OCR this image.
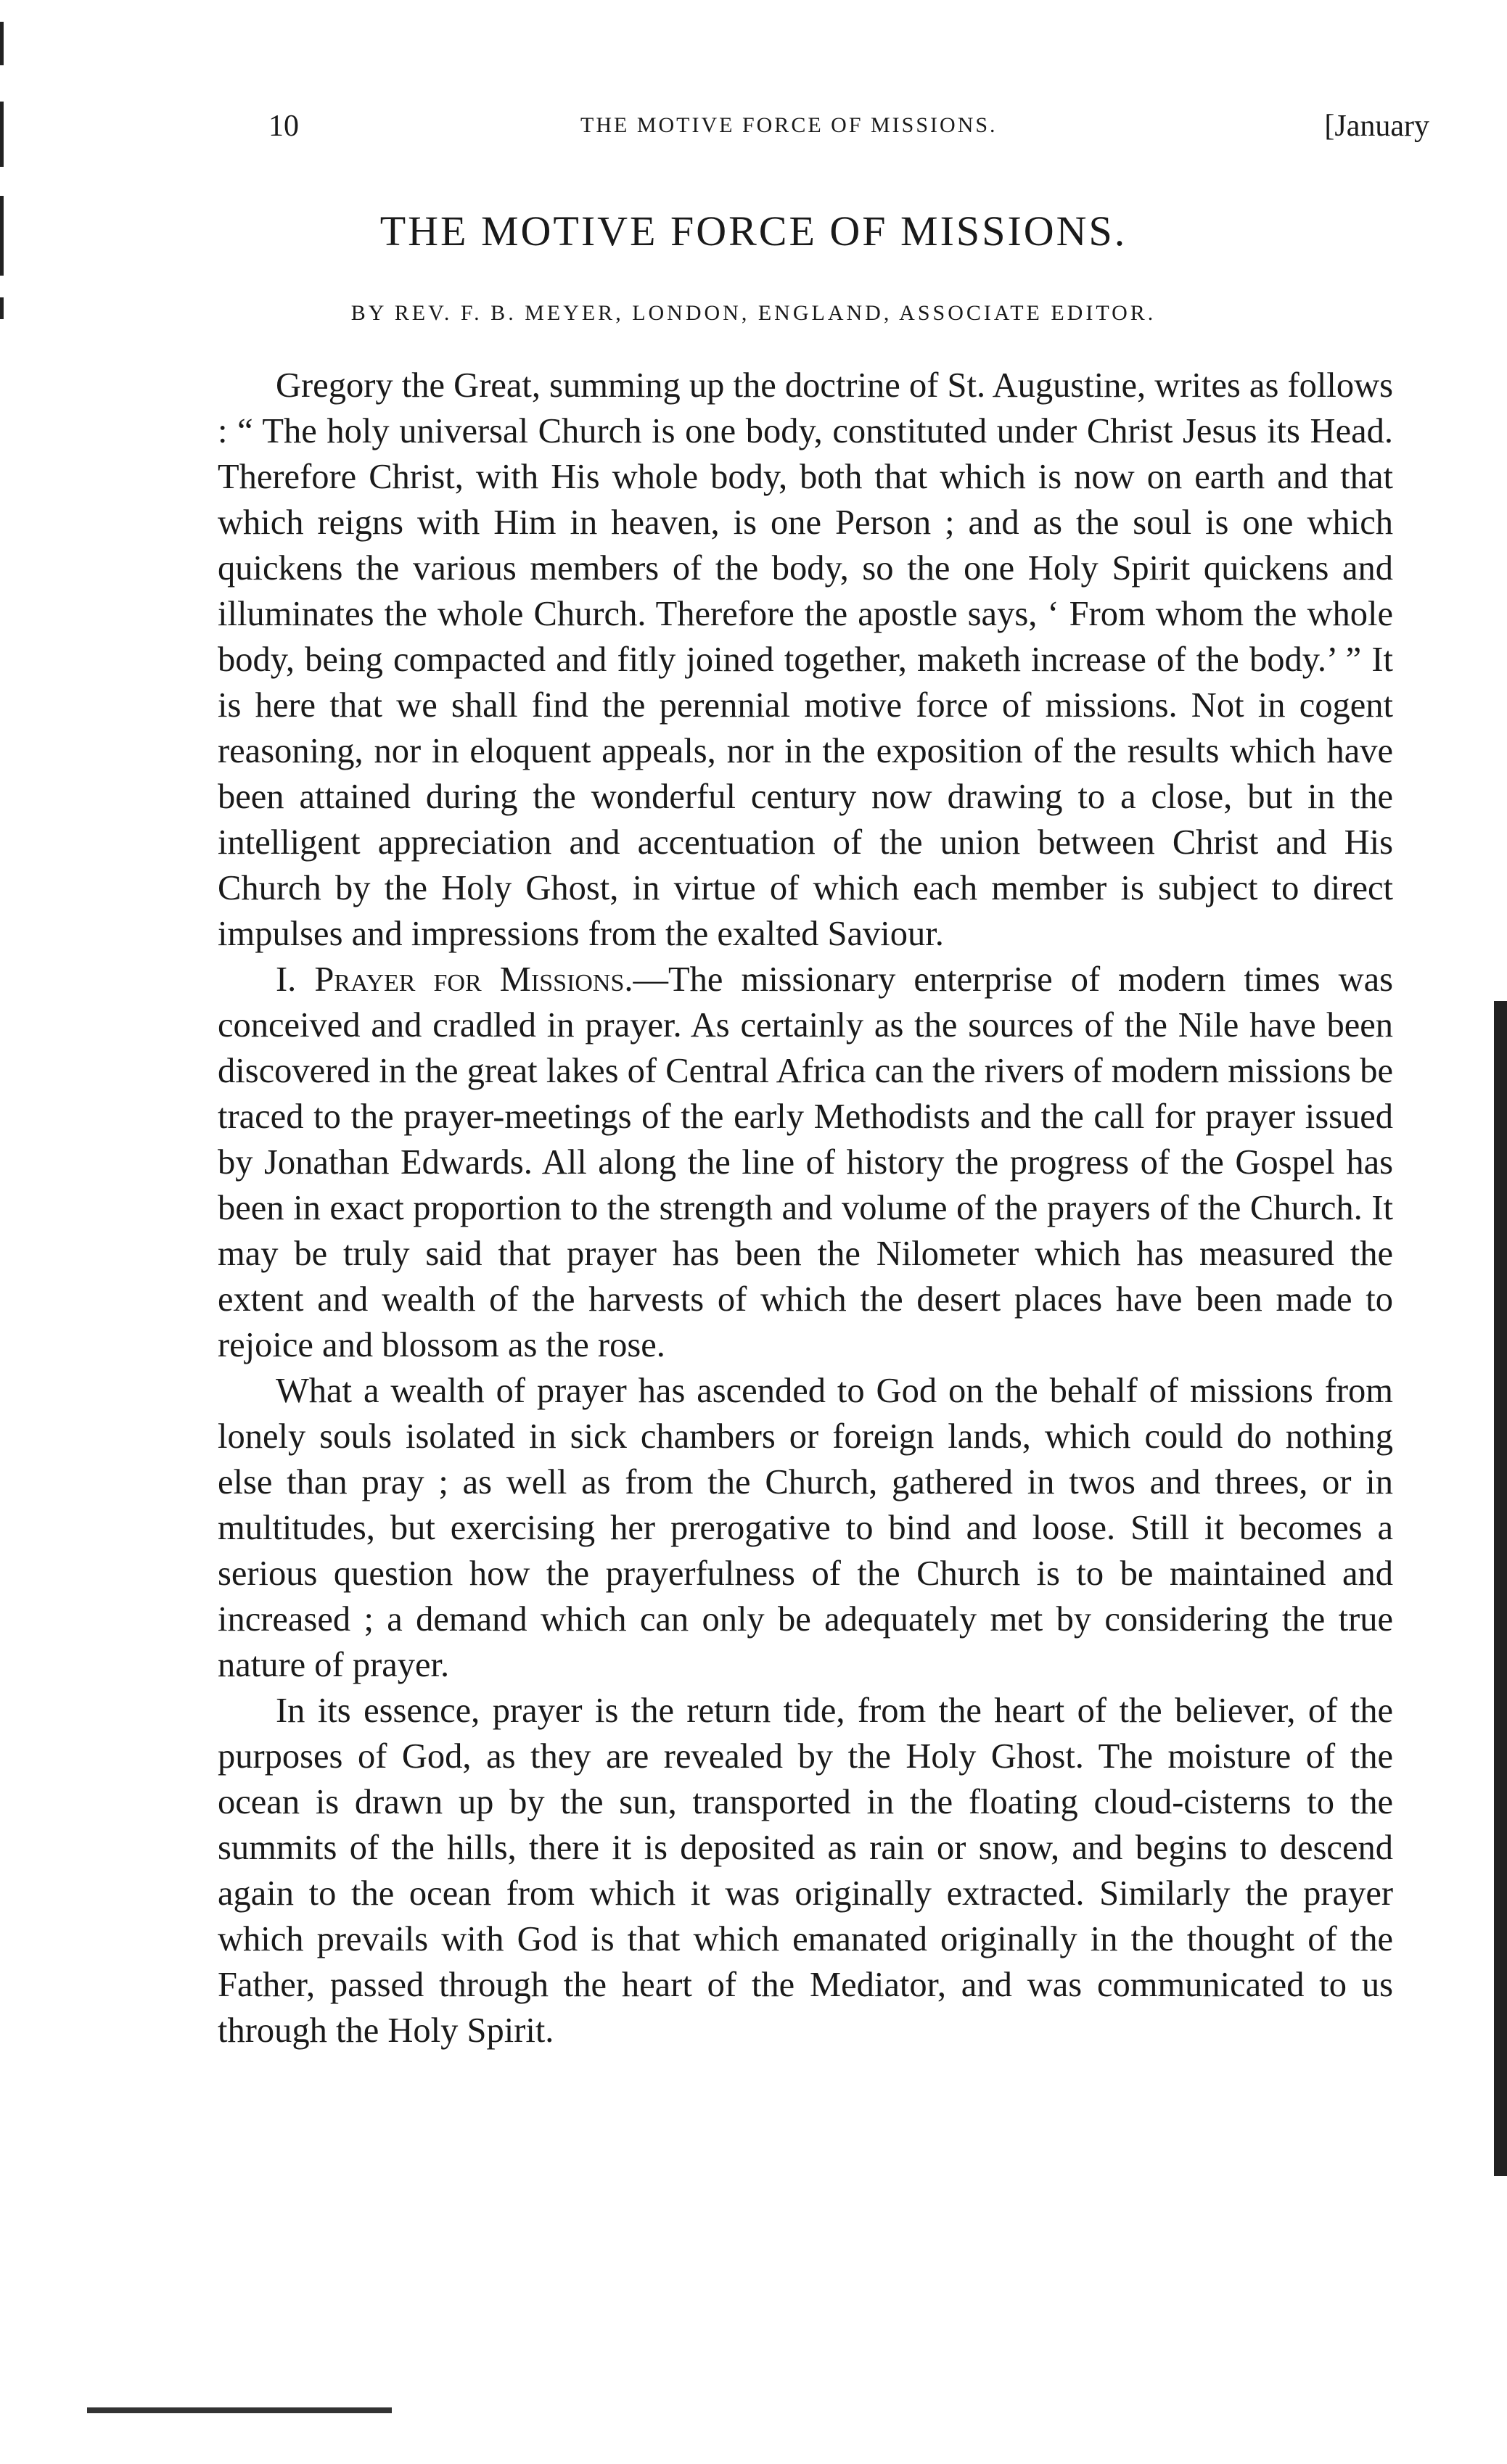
10	THE MOTIVE FORCE OF MISSIONS.	[January
THE MOTIVE FORCE OF MISSIONS.
BY REV. F. B. MEYER, LONDON, ENGLAND, ASSOCIATE EDITOR.

Gregory the Great, summing up the doctrine of St. Augustine, writes as follows : “ The holy universal Church is one body, constituted under Christ Jesus its Head. Therefore Christ, with His whole body, both that which is now on earth and that which reigns with Him in heaven, is one Person ; and as the soul is one which quickens the various members of the body, so the one Holy Spirit quickens and illuminates the whole Church. Therefore the apostle says, ‘ From whom the whole body, being compacted and fitly joined together, maketh increase of the body.’ ” It is here that we shall find the perennial motive force of missions. Not in cogent reasoning, nor in eloquent appeals, nor in the exposition of the results which have been attained during the wonderful century now drawing to a close, but in the intelligent appreciation and accentuation of the union between Christ and His Church by the Holy Ghost, in virtue of which each member is subject to direct impulses and impressions from the exalted Saviour.

I. Prayer for Missions.—The missionary enterprise of modern times was conceived and cradled in prayer. As certainly as the sources of the Nile have been discovered in the great lakes of Central Africa can the rivers of modern missions be traced to the prayer-meetings of the early Methodists and the call for prayer issued by Jonathan Edwards. All along the line of history the progress of the Gospel has been in exact proportion to the strength and volume of the prayers of the Church. It may be truly said that prayer has been the Nilometer which has measured the extent and wealth of the harvests of which the desert places have been made to rejoice and blossom as the rose.

What a wealth of prayer has ascended to God on the behalf of missions from lonely souls isolated in sick chambers or foreign lands, which could do nothing else than pray ; as well as from the Church, gathered in twos and threes, or in multitudes, but exercising her prerogative to bind and loose. Still it becomes a serious question how the prayerfulness of the Church is to be maintained and increased ; a demand which can only be adequately met by considering the true nature of prayer.

In its essence, prayer is the return tide, from the heart of the believer, of the purposes of God, as they are revealed by the Holy Ghost. The moisture of the ocean is drawn up by the sun, transported in the floating cloud-cisterns to the summits of the hills, there it is deposited as rain or snow, and begins to descend again to the ocean from which it was originally extracted. Similarly the prayer which prevails with God is that which emanated originally in the thought of the Father, passed through the heart of the Mediator, and was communicated to us through the Holy Spirit.
